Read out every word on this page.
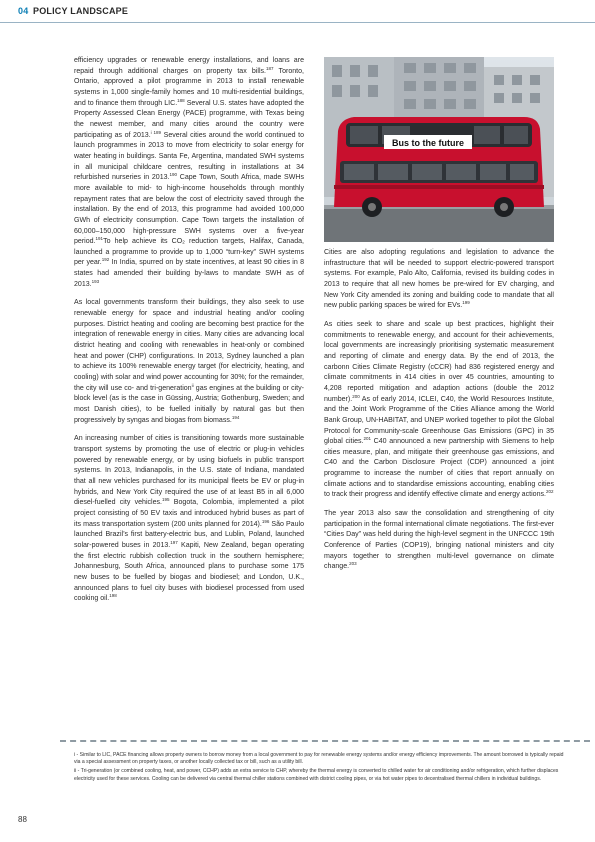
04 POLICY LANDSCAPE

efficiency upgrades or renewable energy installations, and loans are repaid through additional charges on property tax bills.$^{187}$ Toronto, Ontario, approved a pilot programme in 2013 to install renewable systems in 1,000 single-family homes and 10 multi-residential buildings, and to finance them through LIC.$^{188}$ Several U.S. states have adopted the Property Assessed Clean Energy (PACE) programme, with Texas being the newest member, and many cities around the country were participating as of 2013.$^{i 189}$ Several cities around the world continued to launch programmes in 2013 to move from electricity to solar energy for water heating in buildings. Santa Fe, Argentina, mandated SWH systems in all municipal childcare centres, resulting in installations at 34 refurbished nurseries in 2013.$^{190}$ Cape Town, South Africa, made SWHs more available to mid- to high-income households through monthly repayment rates that are below the cost of electricity saved through the installation. By the end of 2013, this programme had avoided 100,000 GWh of electricity consumption. Cape Town targets the installation of 60,000–150,000 high-pressure SWH systems over a five-year period.$^{191}$To help achieve its CO₂ reduction targets, Halifax, Canada, launched a programme to provide up to 1,000 “turn-key” SWH systems per year.$^{192}$ In India, spurred on by state incentives, at least 90 cities in 8 states had amended their building by-laws to mandate SWH as of 2013.$^{193}$

As local governments transform their buildings, they also seek to use renewable energy for space and industrial heating and/or cooling purposes. District heating and cooling are becoming best practice for the integration of renewable energy in cities. Many cities are advancing local district heating and cooling with renewables in heat-only or combined heat and power (CHP) configurations. In 2013, Sydney launched a plan to achieve its 100% renewable energy target (for electricity, heating, and cooling) with solar and wind power accounting for 30%; for the remainder, the city will use co- and tri-generation$^{ii}$ gas engines at the building or city-block level (as is the case in Güssing, Austria; Gothenburg, Sweden; and most Danish cities), to be fuelled initially by natural gas but then progressively by syngas and biogas from biomass.$^{194}$

An increasing number of cities is transitioning towards more sustainable transport systems by promoting the use of electric or plug-in vehicles powered by renewable energy, or by using biofuels in public transport systems. In 2013, Indianapolis, in the U.S. state of Indiana, mandated that all new vehicles purchased for its municipal fleets be EV or plug-in hybrids, and New York City required the use of at least B5 in all 6,000 diesel-fuelled city vehicles.$^{195}$ Bogota, Colombia, implemented a pilot project consisting of 50 EV taxis and introduced hybrid buses as part of its mass transportation system (200 units planned for 2014).$^{196}$ São Paulo launched Brazil’s first battery-electric bus, and Lublin, Poland, launched solar-powered buses in 2013.$^{197}$ Kapiti, New Zealand, began operating the first electric rubbish collection truck in the southern hemisphere; Johannesburg, South Africa, announced plans to purchase some 175 new buses to be fuelled by biogas and biodiesel; and London, U.K., announced plans to fuel city buses with biodiesel processed from used cooking oil.$^{198}$

Bus to the future

Cities are also adopting regulations and legislation to advance the infrastructure that will be needed to support electric-powered transport systems. For example, Palo Alto, California, revised its building codes in 2013 to require that all new homes be pre-wired for EV charging, and New York City amended its zoning and building code to mandate that all new public parking spaces be wired for EVs.$^{199}$

As cities seek to share and scale up best practices, highlight their commitments to renewable energy, and account for their achievements, local governments are increasingly prioritising systematic measurement and reporting of climate and energy data. By the end of 2013, the carbonn Cities Climate Registry (cCCR) had 836 registered energy and climate commitments in 414 cities in over 45 countries, amounting to 4,208 reported mitigation and adaption actions (double the 2012 number).$^{200}$ As of early 2014, ICLEI, C40, the World Resources Institute, and the Joint Work Programme of the Cities Alliance among the World Bank Group, UN-HABITAT, and UNEP worked together to pilot the Global Protocol for Community-scale Greenhouse Gas Emissions (GPC) in 35 global cities.$^{201}$ C40 announced a new partnership with Siemens to help cities measure, plan, and mitigate their greenhouse gas emissions, and C40 and the Carbon Disclosure Project (CDP) announced a joint programme to increase the number of cities that report annually on climate actions and to standardise emissions accounting, enabling cities to track their progress and identify effective climate and energy actions.$^{202}$

The year 2013 also saw the consolidation and strengthening of city participation in the formal international climate negotiations. The first-ever “Cities Day” was held during the high-level segment in the UNFCCC 19th Conference of Parties (COP19), bringing national ministers and city mayors together to strengthen multi-level governance on climate change.$^{203}$

i - Similar to LIC, PACE financing allows property owners to borrow money from a local government to pay for renewable energy systems and/or energy efficiency improvements. The amount borrowed is typically repaid via a special assessment on property taxes, or another locally collected tax or bill, such as a utility bill.

ii - Tri-generation (or combined cooling, heat, and power, CCHP) adds an extra service to CHP, whereby the thermal energy is converted to chilled water for air conditioning and/or refrigeration, which further displaces electricity used for these services. Cooling can be delivered via central thermal chiller stations combined with district cooling pipes, or via hot water pipes to decentralised thermal chillers in individual buildings.

88
